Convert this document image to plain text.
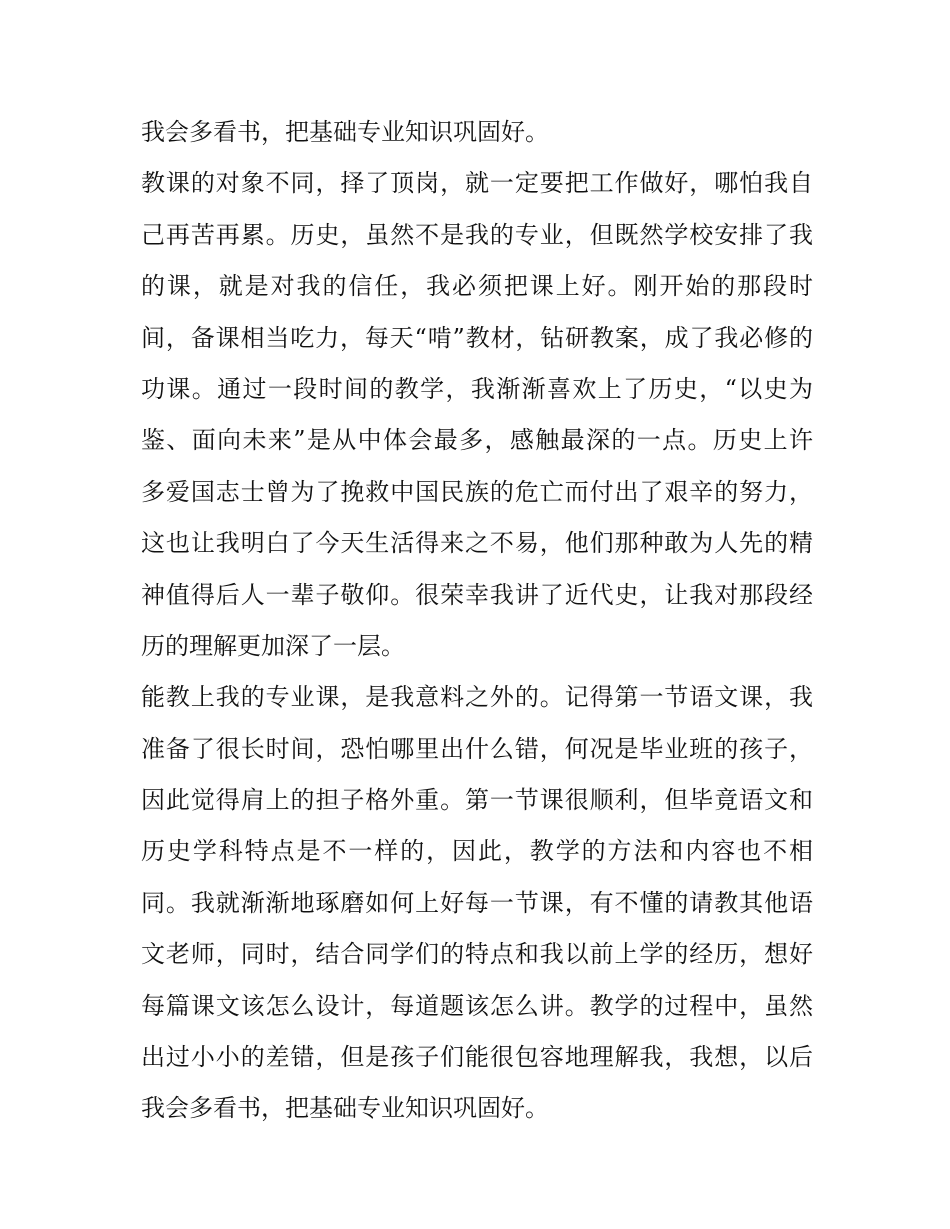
我会多看书，把基础专业知识巩固好。
教课的对象不同，择了顶岗，就一定要把工作做好，哪怕我自
己再苦再累。历史，虽然不是我的专业，但既然学校安排了我
的课，就是对我的信任，我必须把课上好。刚开始的那段时
间，备课相当吃力，每天“啃”教材，钻研教案，成了我必修的
功课。通过一段时间的教学，我渐渐喜欢上了历史，“以史为
鉴、面向未来”是从中体会最多，感触最深的一点。历史上许
多爱国志士曾为了挽救中国民族的危亡而付出了艰辛的努力，
这也让我明白了今天生活得来之不易，他们那种敢为人先的精
神值得后人一辈子敬仰。很荣幸我讲了近代史，让我对那段经
历的理解更加深了一层。
能教上我的专业课，是我意料之外的。记得第一节语文课，我
准备了很长时间，恐怕哪里出什么错，何况是毕业班的孩子，
因此觉得肩上的担子格外重。第一节课很顺利，但毕竟语文和
历史学科特点是不一样的，因此，教学的方法和内容也不相
同。我就渐渐地琢磨如何上好每一节课，有不懂的请教其他语
文老师，同时，结合同学们的特点和我以前上学的经历，想好
每篇课文该怎么设计，每道题该怎么讲。教学的过程中，虽然
出过小小的差错，但是孩子们能很包容地理解我，我想，以后
我会多看书，把基础专业知识巩固好。
